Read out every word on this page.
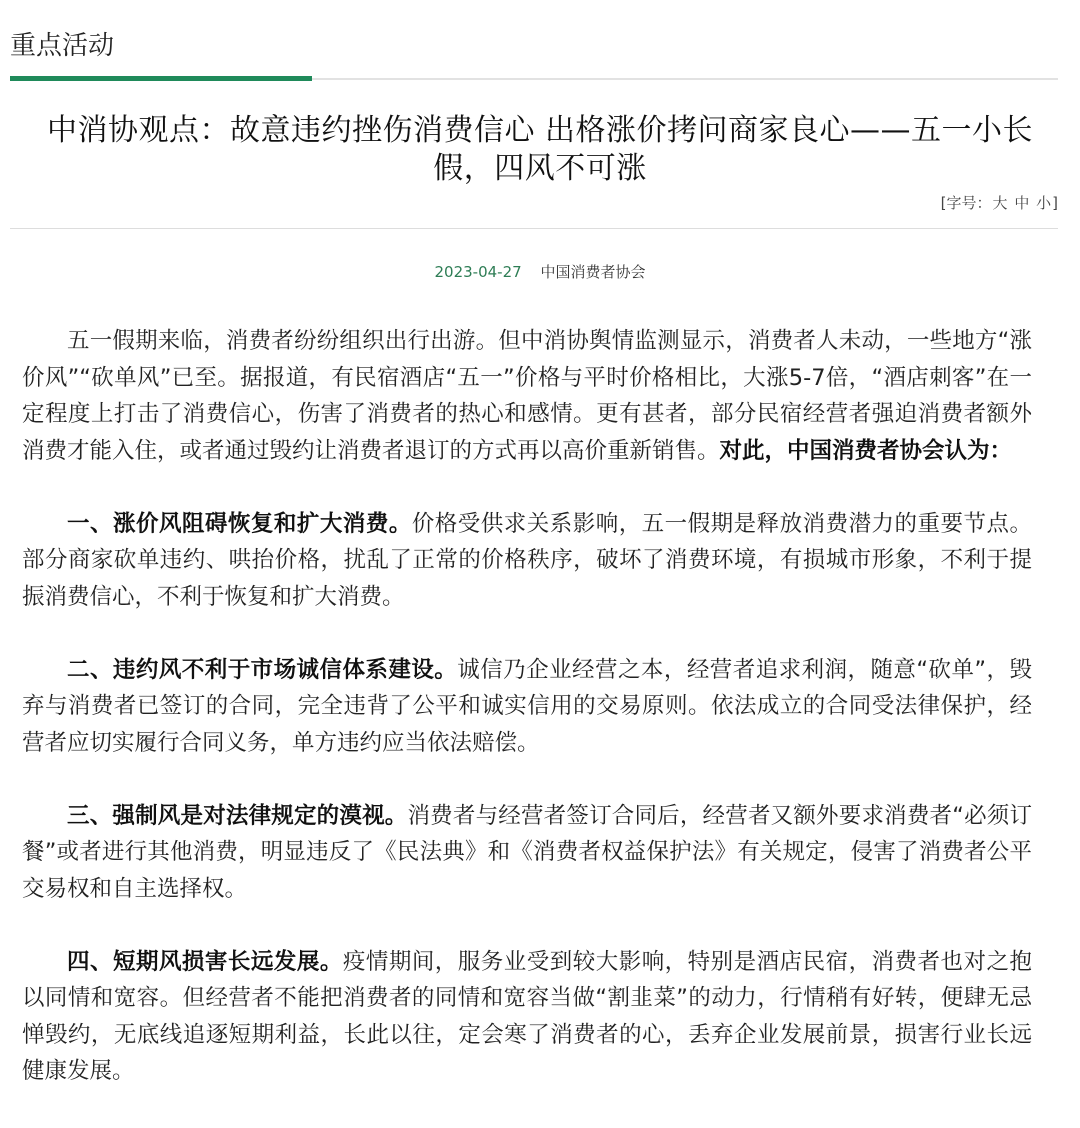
重点活动
中消协观点：故意违约挫伤消费信心 出格涨价拷问商家良心——五一小长假，四风不可涨
[字号：大 中 小]
2023-04-27 中国消费者协会

五一假期来临，消费者纷纷组织出行出游。但中消协舆情监测显示，消费者人未动，一些地方“涨价风”“砍单风”已至。据报道，有民宿酒店“五一”价格与平时价格相比，大涨5-7倍，“酒店刺客”在一定程度上打击了消费信心，伤害了消费者的热心和感情。更有甚者，部分民宿经营者强迫消费者额外消费才能入住，或者通过毁约让消费者退订的方式再以高价重新销售。对此，中国消费者协会认为：

一、涨价风阻碍恢复和扩大消费。价格受供求关系影响，五一假期是释放消费潜力的重要节点。部分商家砍单违约、哄抬价格，扰乱了正常的价格秩序，破坏了消费环境，有损城市形象，不利于提振消费信心，不利于恢复和扩大消费。

二、违约风不利于市场诚信体系建设。诚信乃企业经营之本，经营者追求利润，随意“砍单”，毁弃与消费者已签订的合同，完全违背了公平和诚实信用的交易原则。依法成立的合同受法律保护，经营者应切实履行合同义务，单方违约应当依法赔偿。

三、强制风是对法律规定的漠视。消费者与经营者签订合同后，经营者又额外要求消费者“必须订餐”或者进行其他消费，明显违反了《民法典》和《消费者权益保护法》有关规定，侵害了消费者公平交易权和自主选择权。

四、短期风损害长远发展。疫情期间，服务业受到较大影响，特别是酒店民宿，消费者也对之抱以同情和宽容。但经营者不能把消费者的同情和宽容当做“割韭菜”的动力，行情稍有好转，便肆无忌惮毁约，无底线追逐短期利益，长此以往，定会寒了消费者的心，丢弃企业发展前景，损害行业长远健康发展。
